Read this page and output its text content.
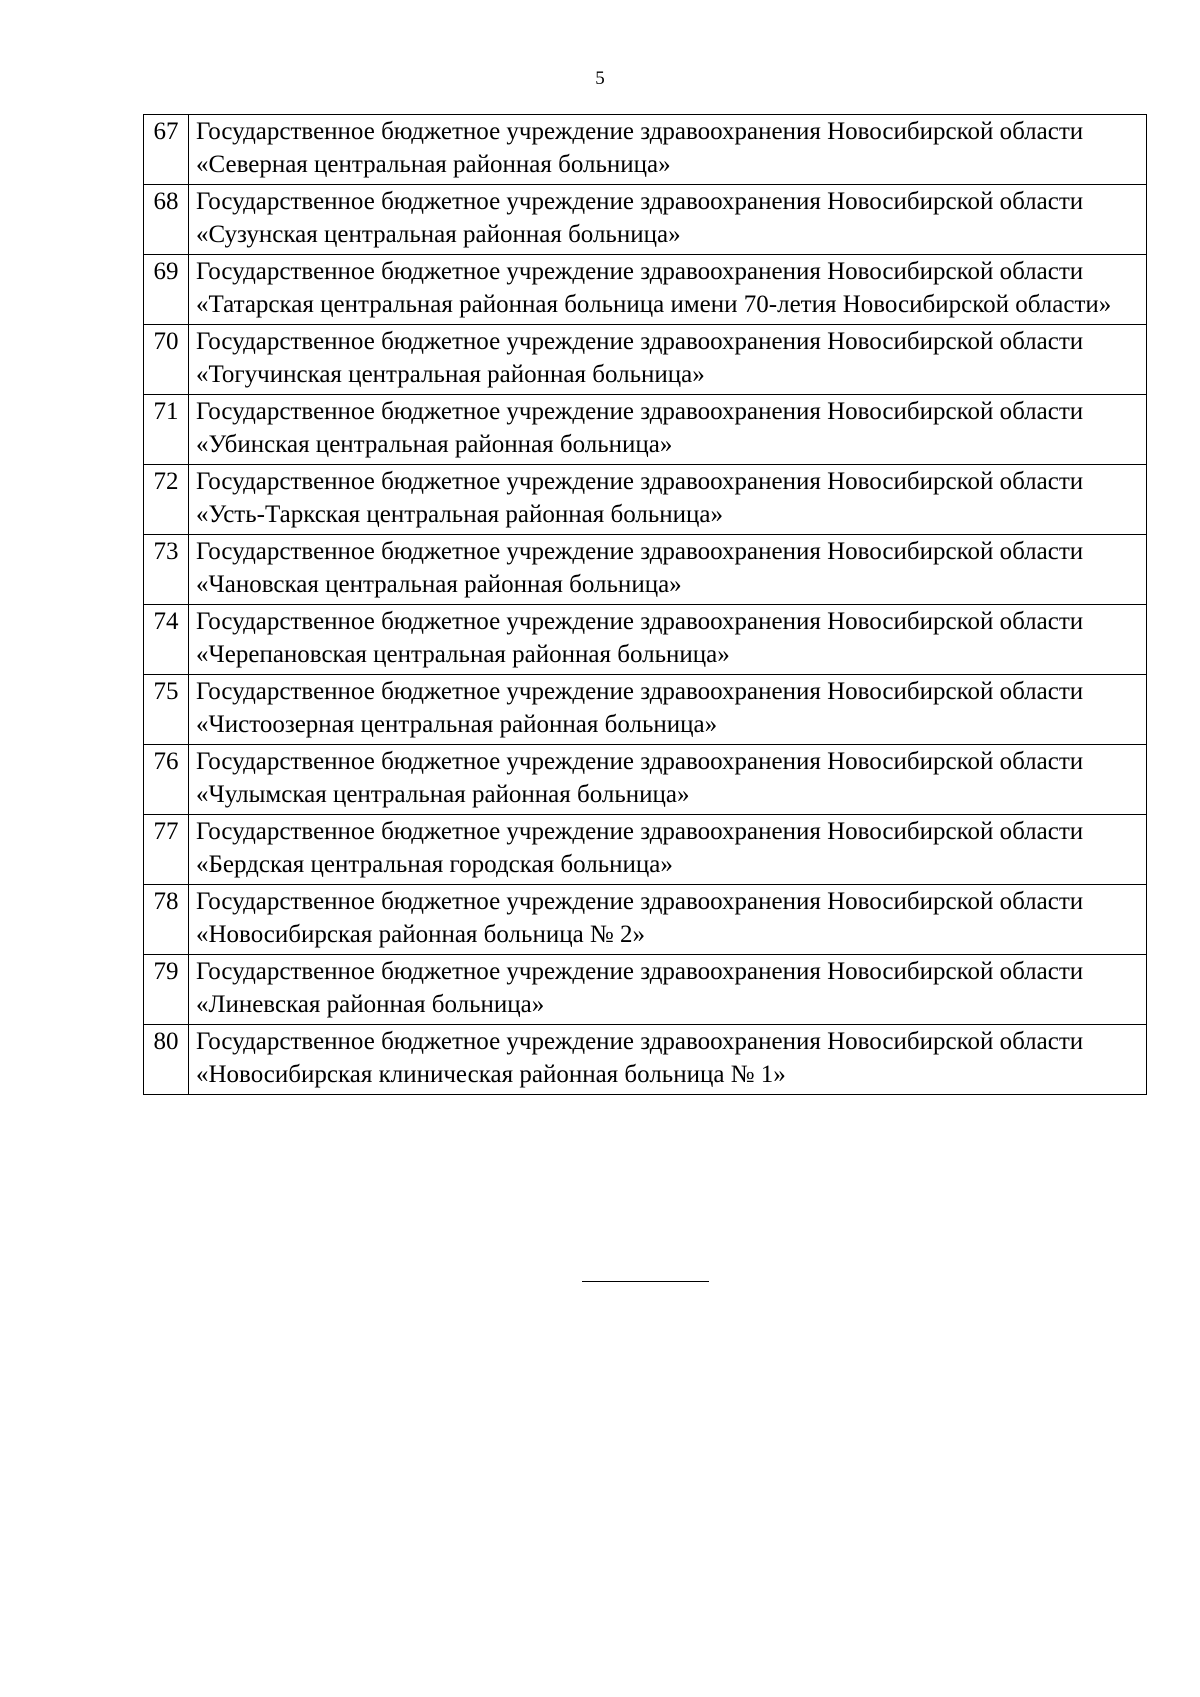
5
67	Государственное бюджетное учреждение здравоохранения Новосибирской области «Северная центральная районная больница»
68	Государственное бюджетное учреждение здравоохранения Новосибирской области «Сузунская центральная районная больница»
69	Государственное бюджетное учреждение здравоохранения Новосибирской области «Татарская центральная районная больница имени 70-летия Новосибирской области»
70	Государственное бюджетное учреждение здравоохранения Новосибирской области «Тогучинская центральная районная больница»
71	Государственное бюджетное учреждение здравоохранения Новосибирской области «Убинская центральная районная больница»
72	Государственное бюджетное учреждение здравоохранения Новосибирской области «Усть-Таркская центральная районная больница»
73	Государственное бюджетное учреждение здравоохранения Новосибирской области «Чановская центральная районная больница»
74	Государственное бюджетное учреждение здравоохранения Новосибирской области «Черепановская центральная районная больница»
75	Государственное бюджетное учреждение здравоохранения Новосибирской области «Чистоозерная центральная районная больница»
76	Государственное бюджетное учреждение здравоохранения Новосибирской области «Чулымская центральная районная больница»
77	Государственное бюджетное учреждение здравоохранения Новосибирской области «Бердская центральная городская больница»
78	Государственное бюджетное учреждение здравоохранения Новосибирской области «Новосибирская районная больница № 2»
79	Государственное бюджетное учреждение здравоохранения Новосибирской области «Линевская районная больница»
80	Государственное бюджетное учреждение здравоохранения Новосибирской области «Новосибирская клиническая районная больница № 1»
